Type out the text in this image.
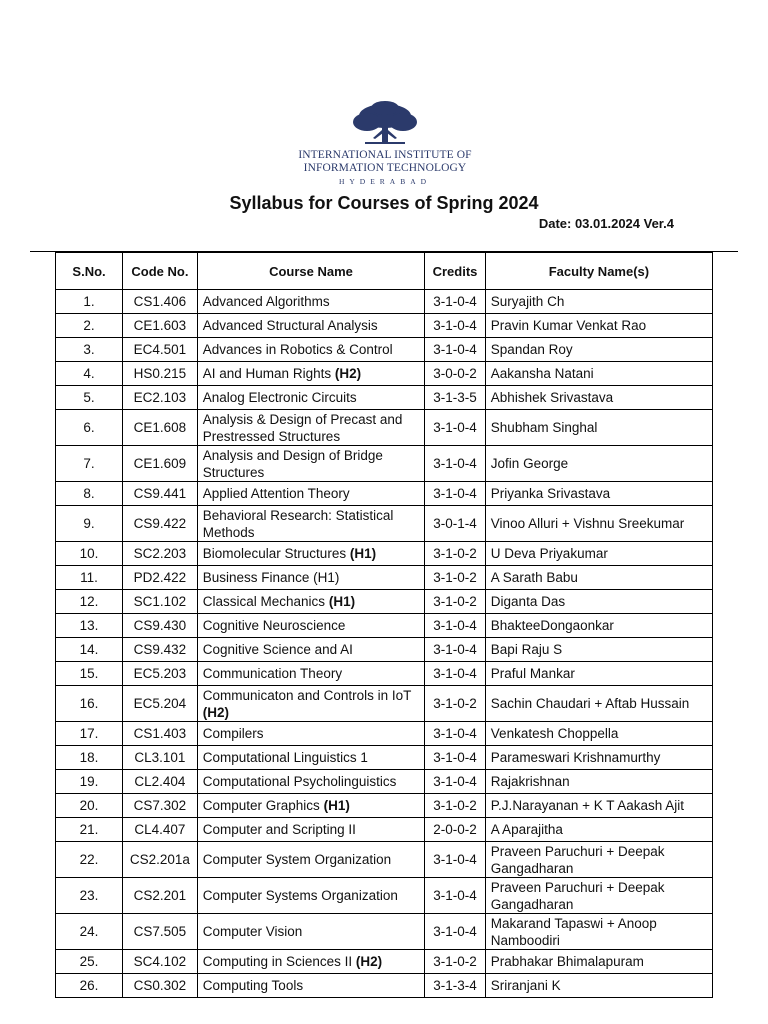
INTERNATIONAL INSTITUTE OF
INFORMATION TECHNOLOGY
HYDERABAD
Syllabus for Courses of Spring 2024
Date: 03.01.2024 Ver.4
S.No.	Code No.	Course Name	Credits	Faculty Name(s)
1.	CS1.406	Advanced Algorithms	3-1-0-4	Suryajith Ch
2.	CE1.603	Advanced Structural Analysis	3-1-0-4	Pravin Kumar Venkat Rao
3.	EC4.501	Advances in Robotics & Control	3-1-0-4	Spandan Roy
4.	HS0.215	AI and Human Rights (H2)	3-0-0-2	Aakansha Natani
5.	EC2.103	Analog Electronic Circuits	3-1-3-5	Abhishek Srivastava
6.	CE1.608	Analysis & Design of Precast and Prestressed Structures	3-1-0-4	Shubham Singhal
7.	CE1.609	Analysis and Design of Bridge Structures	3-1-0-4	Jofin George
8.	CS9.441	Applied Attention Theory	3-1-0-4	Priyanka Srivastava
9.	CS9.422	Behavioral Research: Statistical Methods	3-0-1-4	Vinoo Alluri + Vishnu Sreekumar
10.	SC2.203	Biomolecular Structures (H1)	3-1-0-2	U Deva Priyakumar
11.	PD2.422	Business Finance (H1)	3-1-0-2	A Sarath Babu
12.	SC1.102	Classical Mechanics (H1)	3-1-0-2	Diganta Das
13.	CS9.430	Cognitive Neuroscience	3-1-0-4	BhakteeDongaonkar
14.	CS9.432	Cognitive Science and AI	3-1-0-4	Bapi Raju S
15.	EC5.203	Communication Theory	3-1-0-4	Praful Mankar
16.	EC5.204	Communicaton and Controls in IoT (H2)	3-1-0-2	Sachin Chaudari + Aftab Hussain
17.	CS1.403	Compilers	3-1-0-4	Venkatesh Choppella
18.	CL3.101	Computational Linguistics 1	3-1-0-4	Parameswari Krishnamurthy
19.	CL2.404	Computational Psycholinguistics	3-1-0-4	Rajakrishnan
20.	CS7.302	Computer Graphics (H1)	3-1-0-2	P.J.Narayanan + K T Aakash Ajit
21.	CL4.407	Computer and Scripting II	2-0-0-2	A Aparajitha
22.	CS2.201a	Computer System Organization	3-1-0-4	Praveen Paruchuri + Deepak Gangadharan
23.	CS2.201	Computer Systems Organization	3-1-0-4	Praveen Paruchuri + Deepak Gangadharan
24.	CS7.505	Computer Vision	3-1-0-4	Makarand Tapaswi + Anoop Namboodiri
25.	SC4.102	Computing in Sciences II (H2)	3-1-0-2	Prabhakar Bhimalapuram
26.	CS0.302	Computing Tools	3-1-3-4	Sriranjani K
